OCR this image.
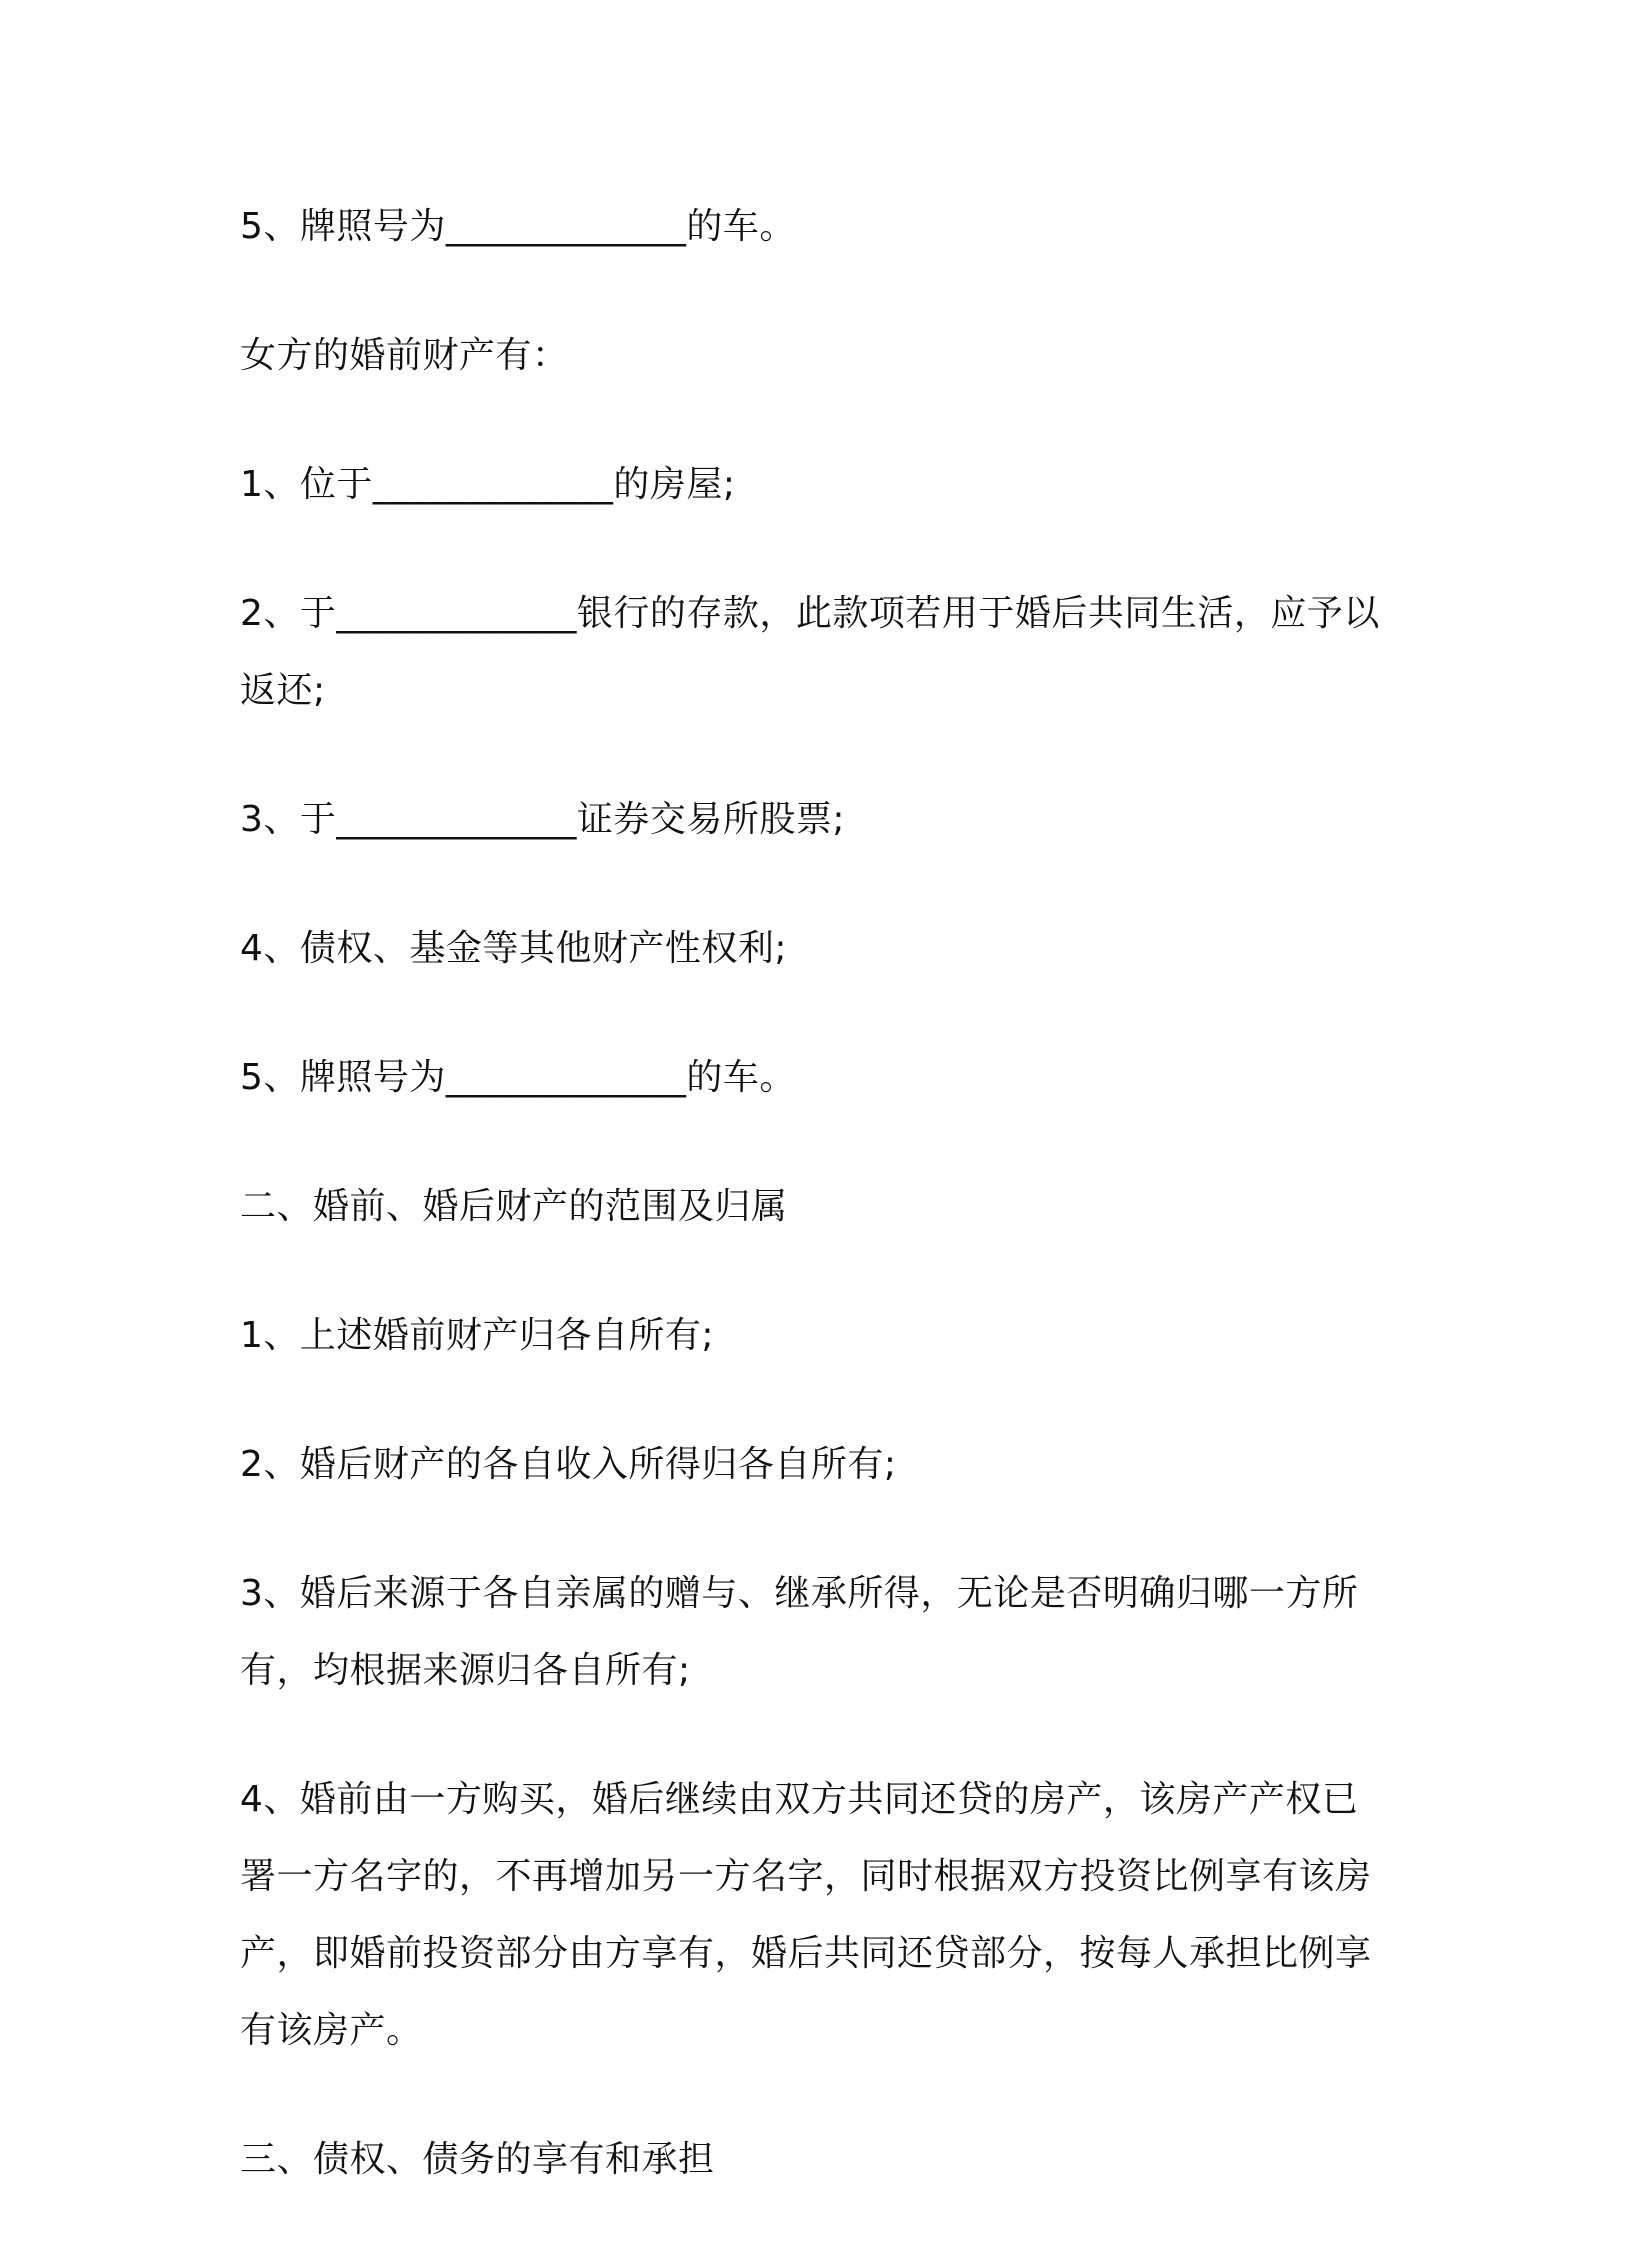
5、牌照号为_____________的车。

女方的婚前财产有：

1、位于_____________的房屋;

2、于_____________银行的存款，此款项若用于婚后共同生活，应予以返还;

3、于_____________证券交易所股票;

4、债权、基金等其他财产性权利;

5、牌照号为_____________的车。

二、婚前、婚后财产的范围及归属

1、上述婚前财产归各自所有;

2、婚后财产的各自收入所得归各自所有;

3、婚后来源于各自亲属的赠与、继承所得，无论是否明确归哪一方所有，均根据来源归各自所有;

4、婚前由一方购买，婚后继续由双方共同还贷的房产，该房产产权已署一方名字的，不再增加另一方名字，同时根据双方投资比例享有该房产，即婚前投资部分由方享有，婚后共同还贷部分，按每人承担比例享有该房产。

三、债权、债务的享有和承担
